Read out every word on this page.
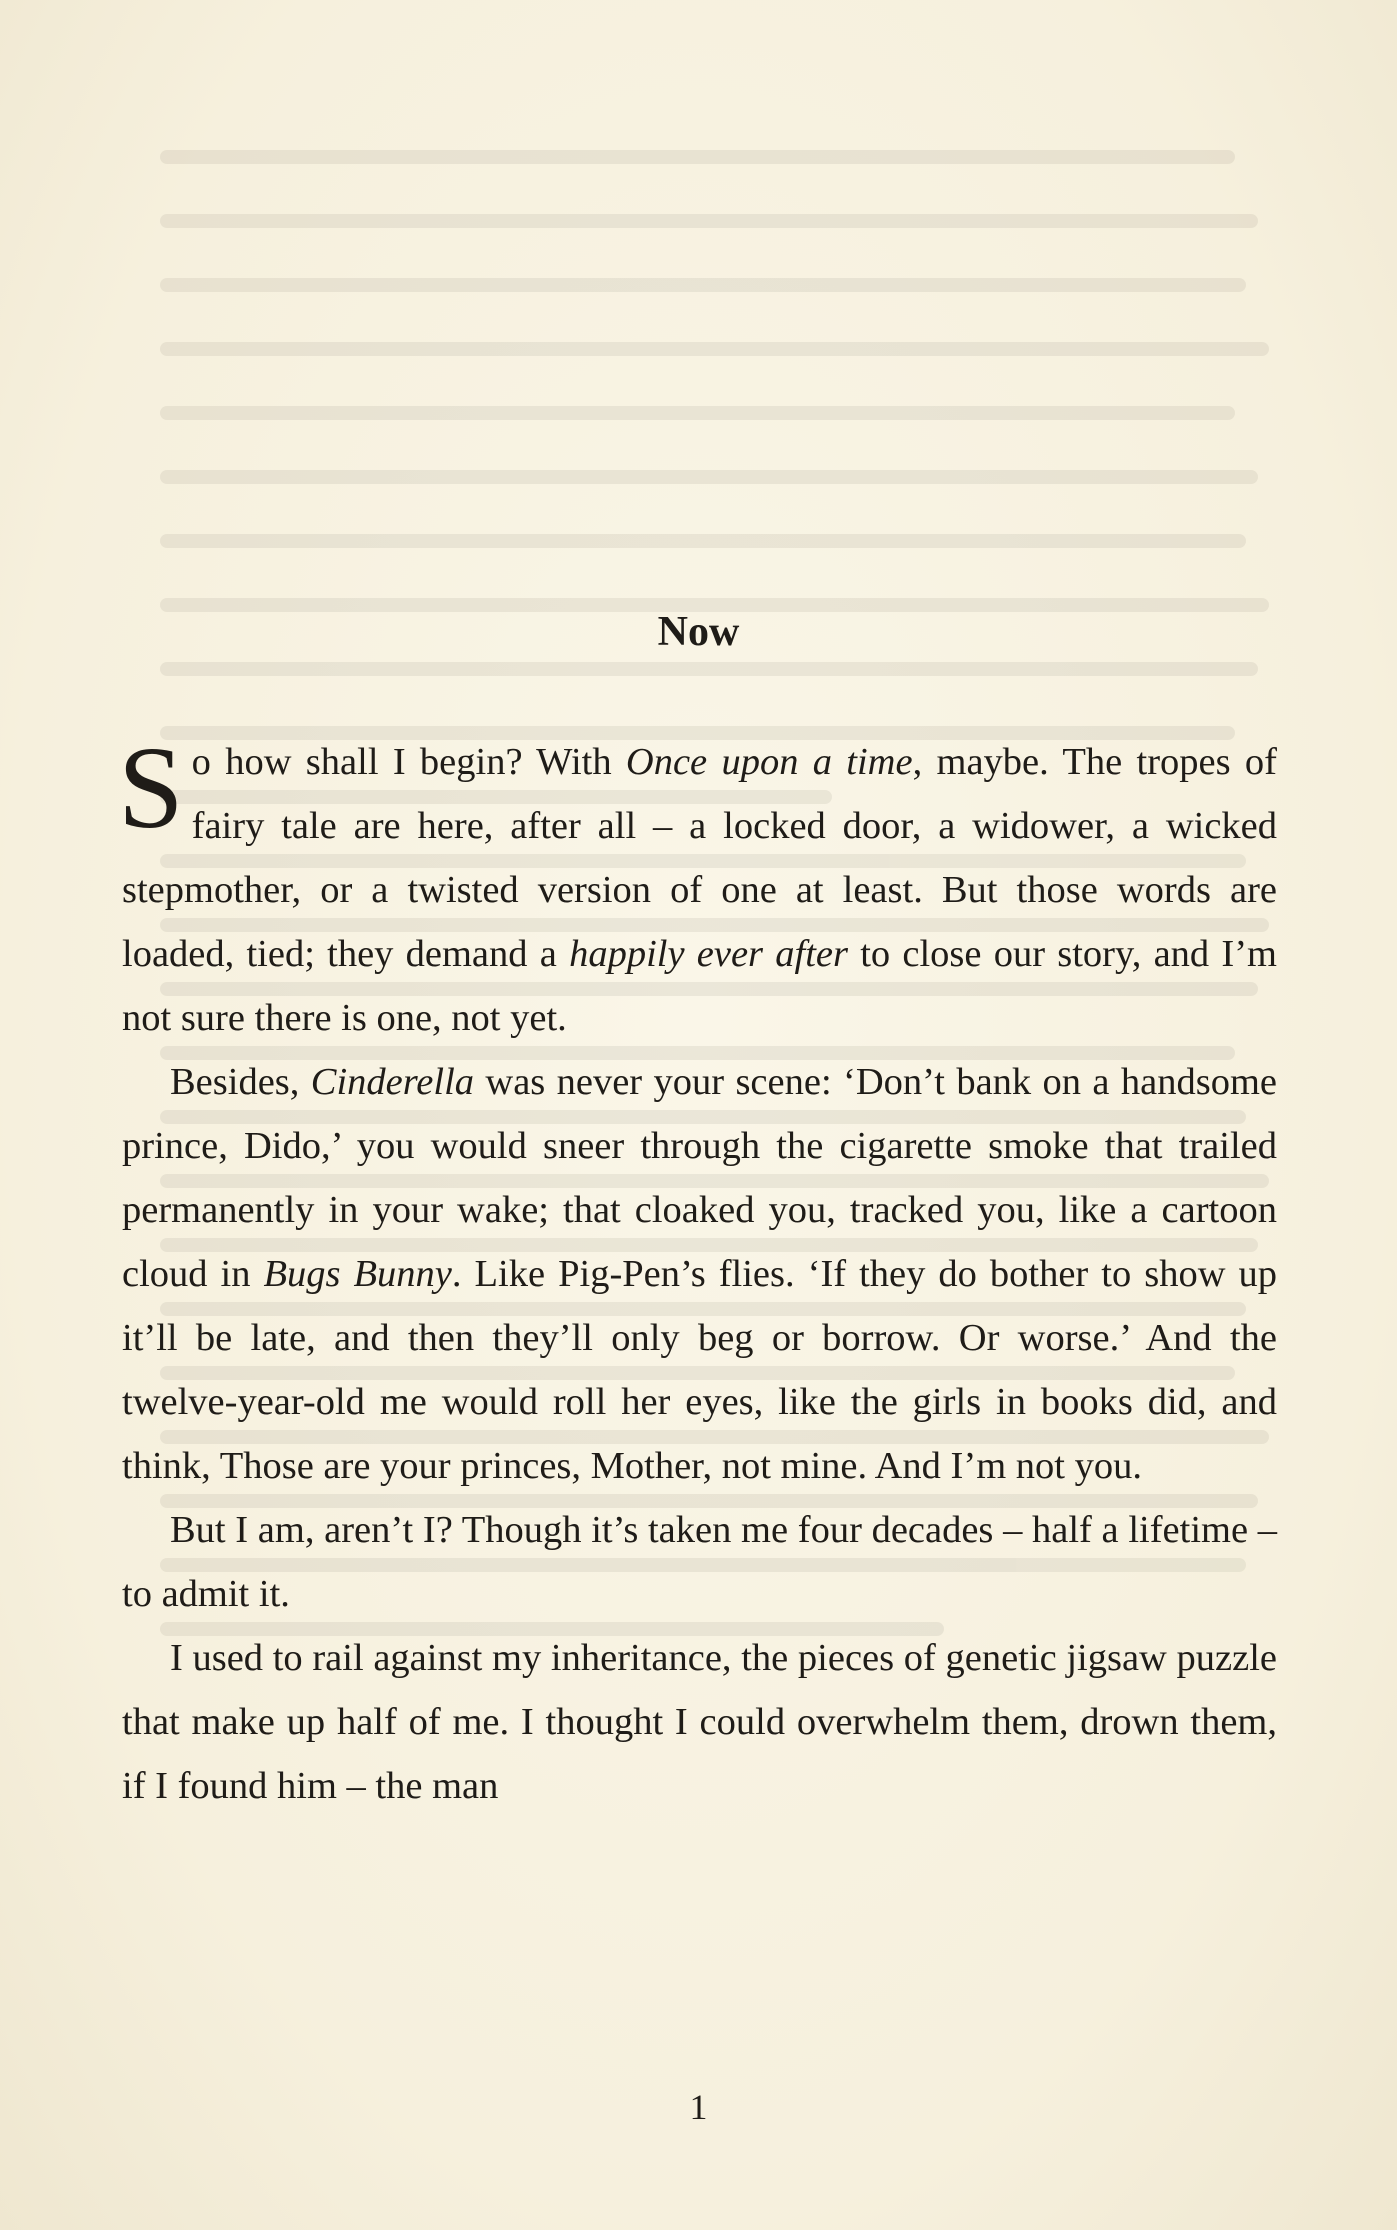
Now

So how shall I begin? With Once upon a time, maybe. The tropes of fairy tale are here, after all – a locked door, a widower, a wicked stepmother, or a twisted version of one at least. But those words are loaded, tied; they demand a happily ever after to close our story, and I’m not sure there is one, not yet.

Besides, Cinderella was never your scene: ‘Don’t bank on a handsome prince, Dido,’ you would sneer through the cigarette smoke that trailed permanently in your wake; that cloaked you, tracked you, like a cartoon cloud in Bugs Bunny. Like Pig-Pen’s flies. ‘If they do bother to show up it’ll be late, and then they’ll only beg or borrow. Or worse.’ And the twelve-year-old me would roll her eyes, like the girls in books did, and think, Those are your princes, Mother, not mine. And I’m not you.

But I am, aren’t I? Though it’s taken me four decades – half a lifetime – to admit it.

I used to rail against my inheritance, the pieces of genetic jigsaw puzzle that make up half of me. I thought I could overwhelm them, drown them, if I found him – the man

1
